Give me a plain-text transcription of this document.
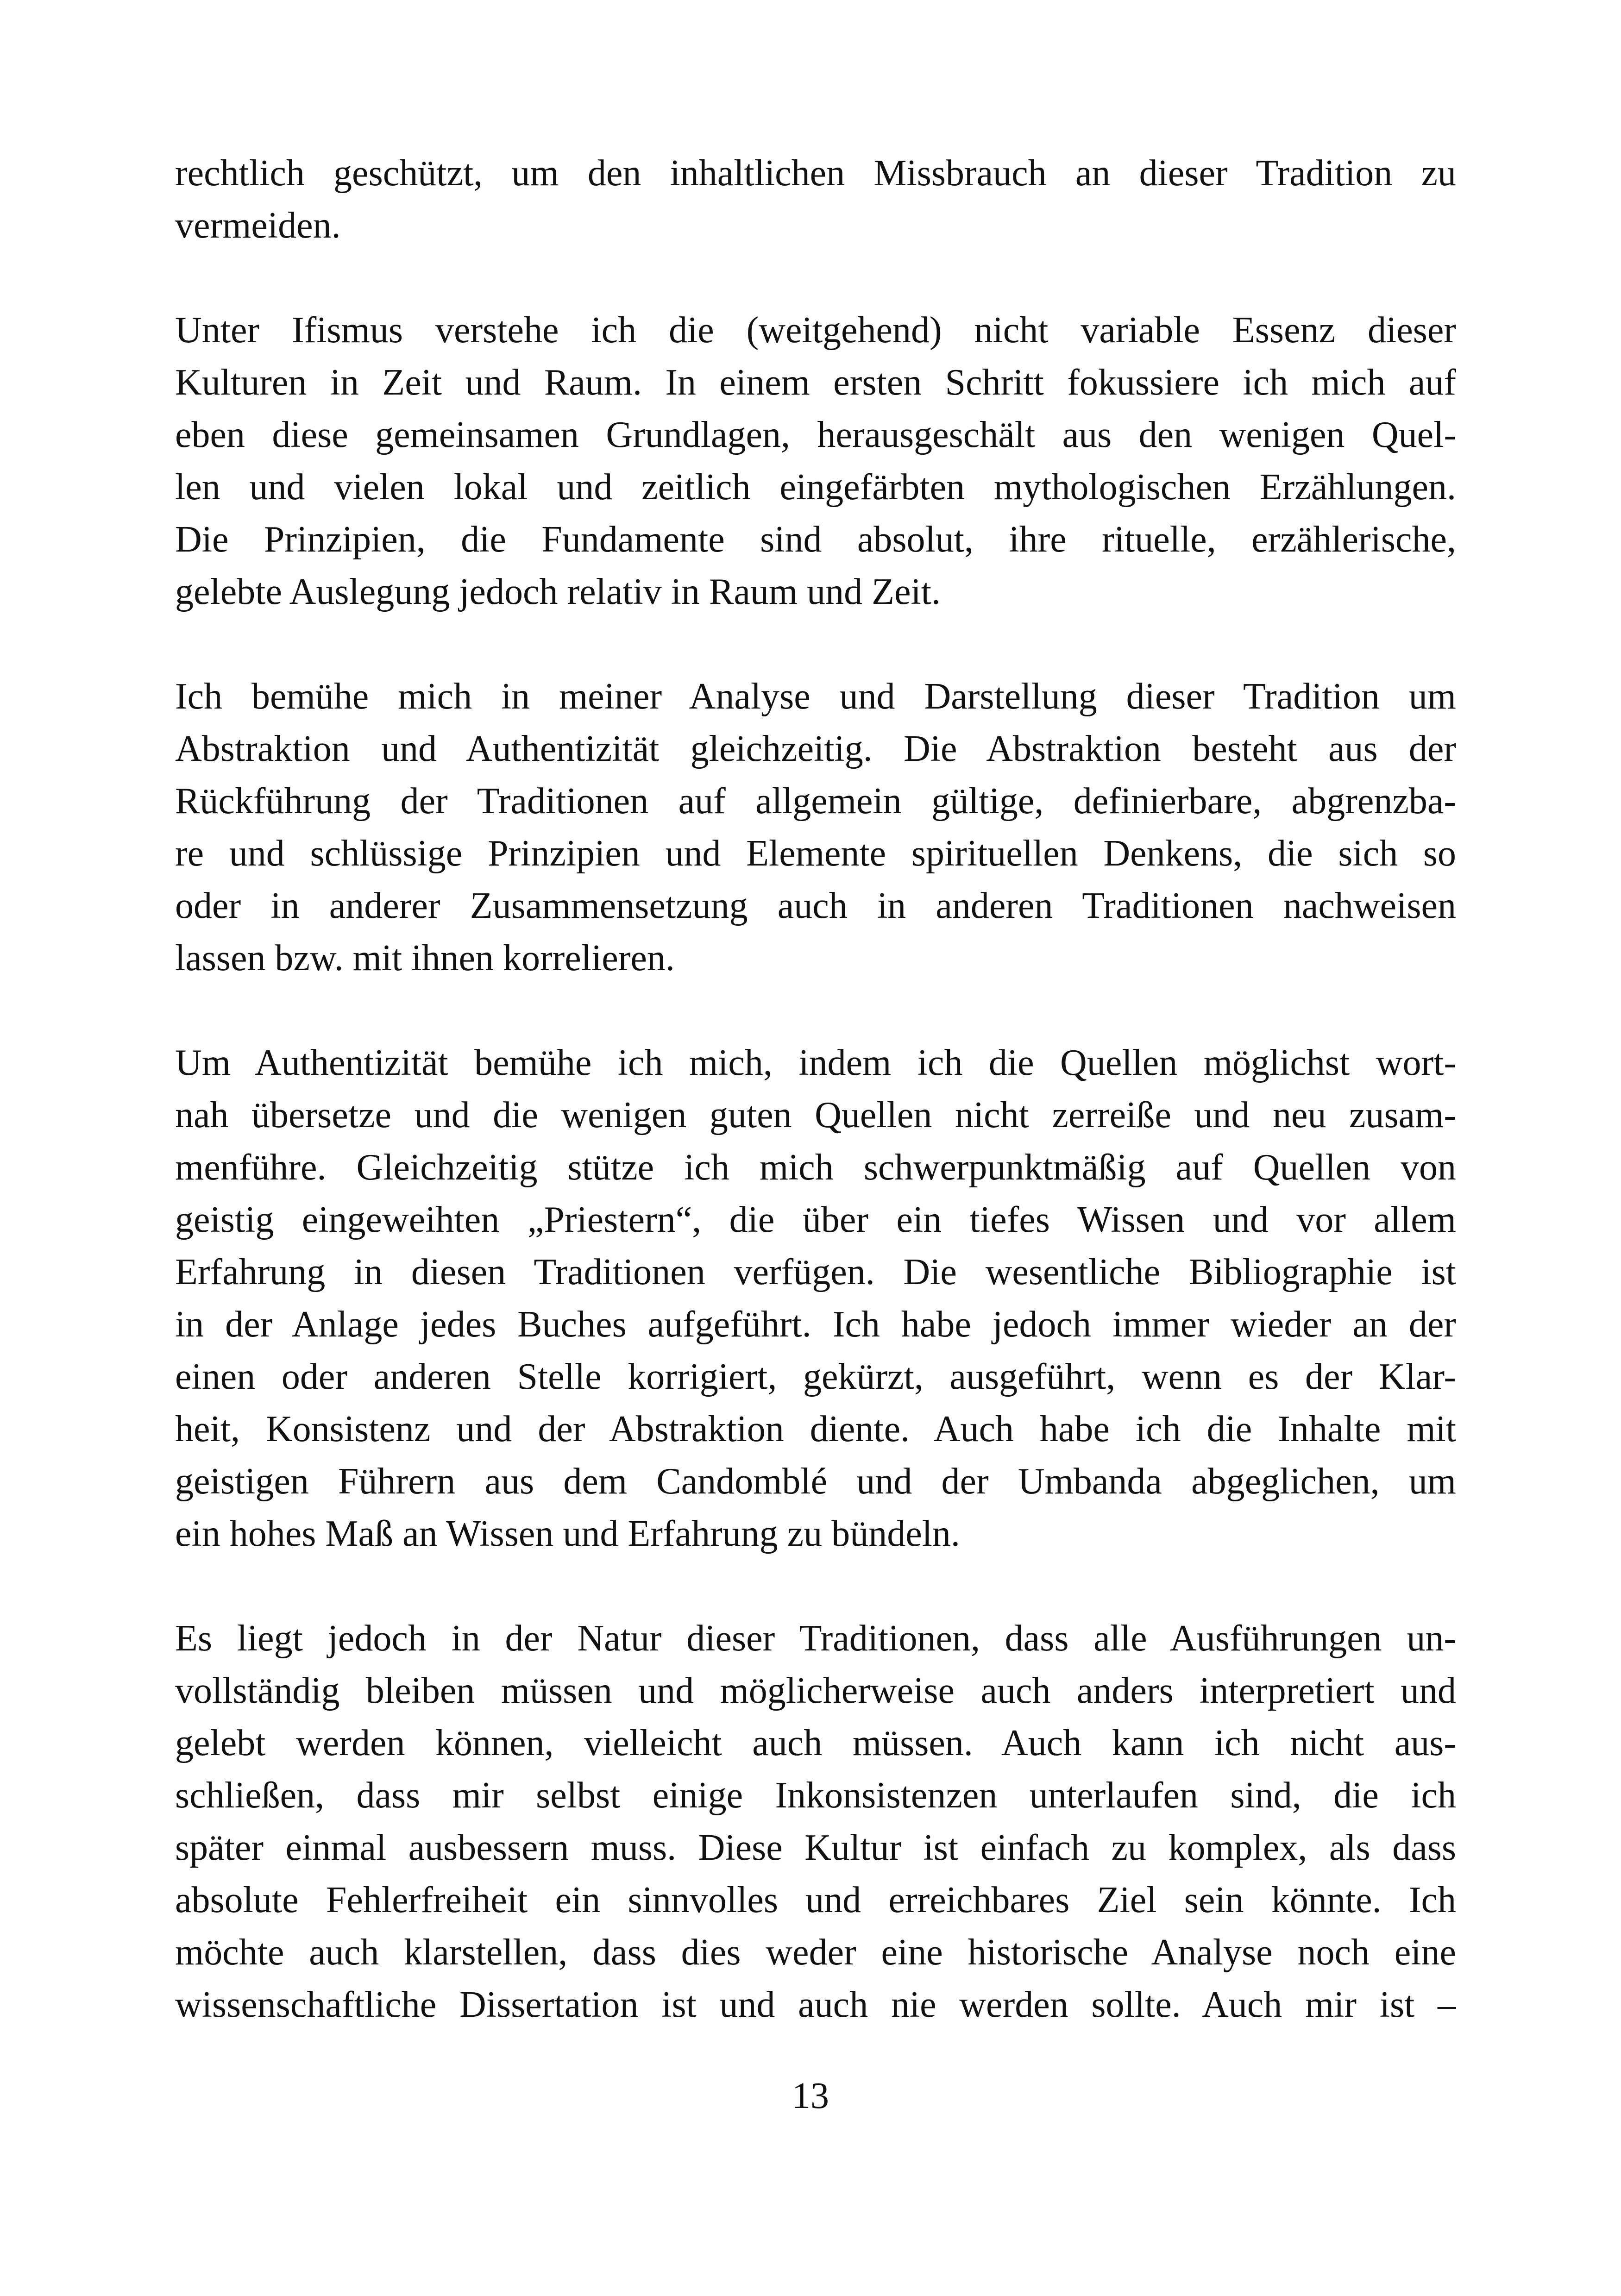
rechtlich geschützt, um den inhaltlichen Missbrauch an dieser Tradition zu
vermeiden.
Unter Ifismus verstehe ich die (weitgehend) nicht variable Essenz dieser
Kulturen in Zeit und Raum. In einem ersten Schritt fokussiere ich mich auf
eben diese gemeinsamen Grundlagen, herausgeschält aus den wenigen Quel-
len und vielen lokal und zeitlich eingefärbten mythologischen Erzählungen.
Die Prinzipien, die Fundamente sind absolut, ihre rituelle, erzählerische,
gelebte Auslegung jedoch relativ in Raum und Zeit.
Ich bemühe mich in meiner Analyse und Darstellung dieser Tradition um
Abstraktion und Authentizität gleichzeitig. Die Abstraktion besteht aus der
Rückführung der Traditionen auf allgemein gültige, definierbare, abgrenzba-
re und schlüssige Prinzipien und Elemente spirituellen Denkens, die sich so
oder in anderer Zusammensetzung auch in anderen Traditionen nachweisen
lassen bzw. mit ihnen korrelieren.
Um Authentizität bemühe ich mich, indem ich die Quellen möglichst wort-
nah übersetze und die wenigen guten Quellen nicht zerreiße und neu zusam-
menführe. Gleichzeitig stütze ich mich schwerpunktmäßig auf Quellen von
geistig eingeweihten „Priestern“, die über ein tiefes Wissen und vor allem
Erfahrung in diesen Traditionen verfügen. Die wesentliche Bibliographie ist
in der Anlage jedes Buches aufgeführt. Ich habe jedoch immer wieder an der
einen oder anderen Stelle korrigiert, gekürzt, ausgeführt, wenn es der Klar-
heit, Konsistenz und der Abstraktion diente. Auch habe ich die Inhalte mit
geistigen Führern aus dem Candomblé und der Umbanda abgeglichen, um
ein hohes Maß an Wissen und Erfahrung zu bündeln.
Es liegt jedoch in der Natur dieser Traditionen, dass alle Ausführungen un-
vollständig bleiben müssen und möglicherweise auch anders interpretiert und
gelebt werden können, vielleicht auch müssen. Auch kann ich nicht aus-
schließen, dass mir selbst einige Inkonsistenzen unterlaufen sind, die ich
später einmal ausbessern muss. Diese Kultur ist einfach zu komplex, als dass
absolute Fehlerfreiheit ein sinnvolles und erreichbares Ziel sein könnte. Ich
möchte auch klarstellen, dass dies weder eine historische Analyse noch eine
wissenschaftliche Dissertation ist und auch nie werden sollte. Auch mir ist –
13
